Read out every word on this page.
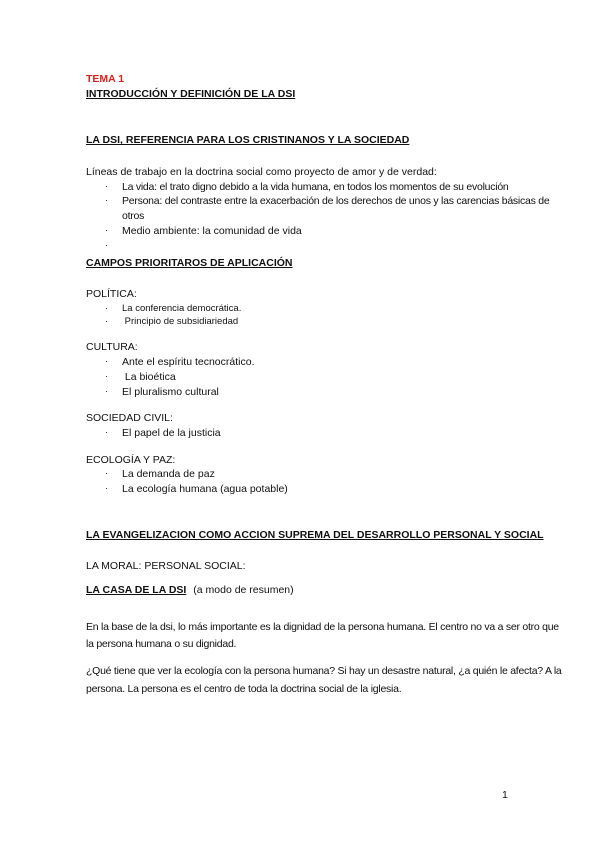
TEMA 1

INTRODUCCIÓN Y DEFINICIÓN DE LA DSI

LA DSI, REFERENCIA PARA LOS CRISTINANOS Y LA SOCIEDAD

Líneas de trabajo en la doctrina social como proyecto de amor y de verdad:

· La vida: el trato digno debido a la vida humana, en todos los momentos de su evolución
· Persona: del contraste entre la exacerbación de los derechos de unos y las carencias básicas de otros
· Medio ambiente: la comunidad de vida
·

CAMPOS PRIORITAROS DE APLICACIÓN

POLÍTICA:

· La conferencia democrática.
· Principio de subsidiariedad

CULTURA:

· Ante el espíritu tecnocrático.
· La bioética
· El pluralismo cultural

SOCIEDAD CIVIL:

· El papel de la justicia

ECOLOGÍA Y PAZ:

· La demanda de paz
· La ecología humana (agua potable)

LA EVANGELIZACION COMO ACCION SUPREMA DEL DESARROLLO PERSONAL Y SOCIAL

LA MORAL: PERSONAL SOCIAL:

LA CASA DE LA DSI (a modo de resumen)

En la base de la dsi, lo más importante es la dignidad de la persona humana. El centro no va a ser otro que la persona humana o su dignidad.

¿Qué tiene que ver la ecología con la persona humana? Si hay un desastre natural, ¿a quién le afecta? A la persona. La persona es el centro de toda la doctrina social de la iglesia.

1
